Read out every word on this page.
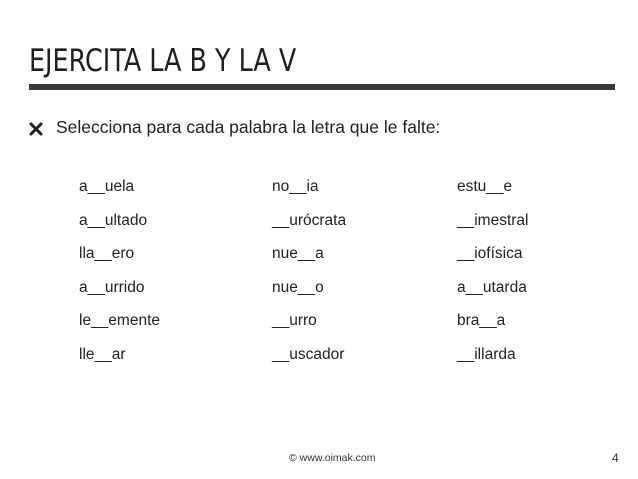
EJERCITA LA B Y LA V
Selecciona para cada palabra la letra que le falte:
a__uela
a__ultado
lla__ero
a__urrido
le__emente
lle__ar
no__ia
__urócrata
nue__a
nue__o
__urro
__uscador
estu__e
__imestral
__iofísica
a__utarda
bra__a
__illarda
© www.oimak.com	4
